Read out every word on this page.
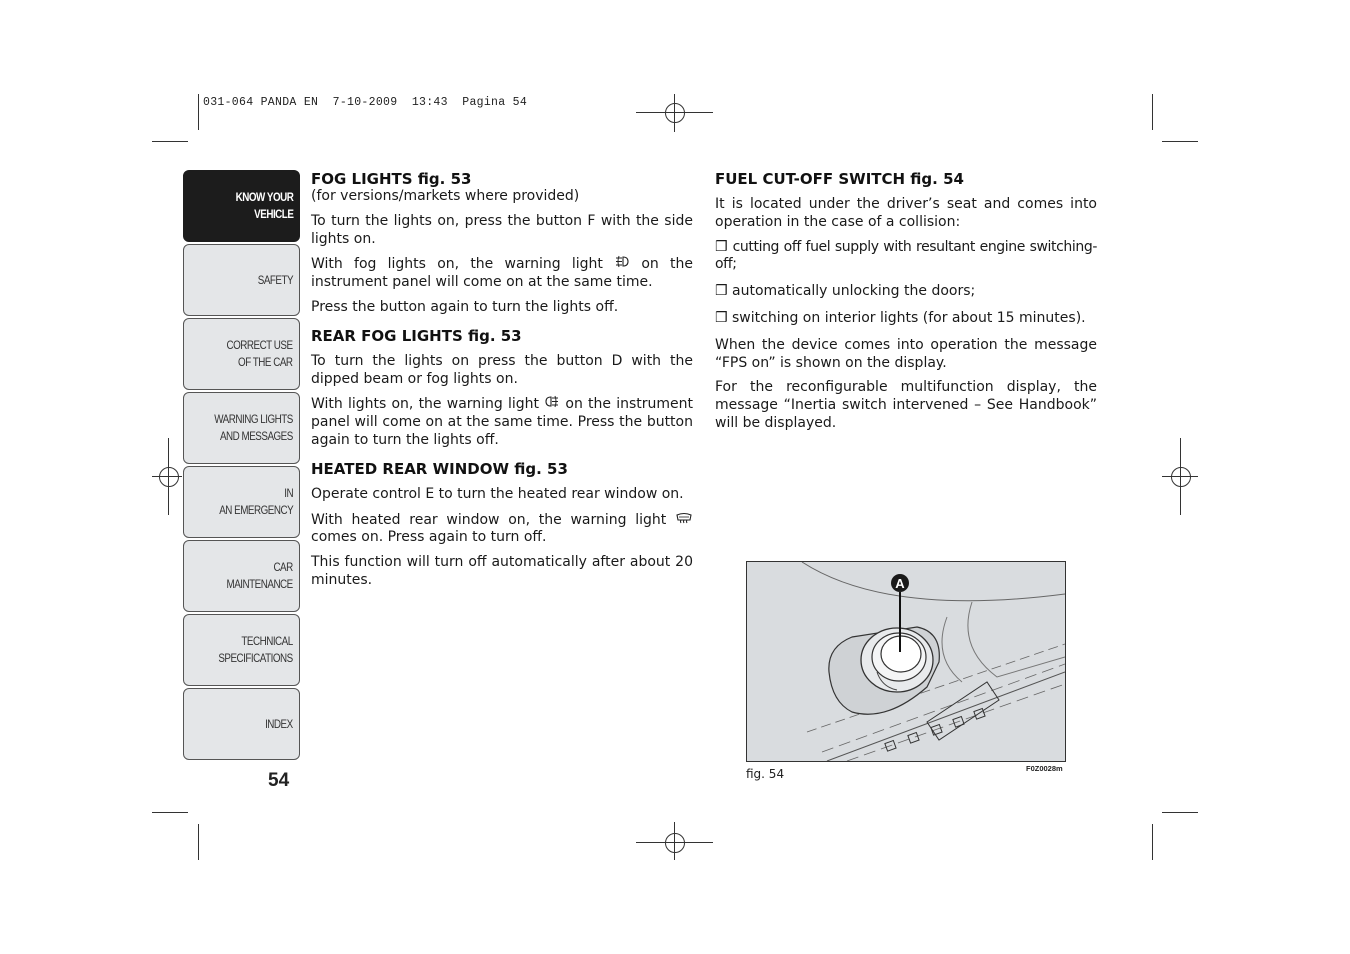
031-064 PANDA EN  7-10-2009  13:43  Pagina 54
KNOW YOUR
VEHICLE
SAFETY
CORRECT USE
OF THE CAR
WARNING LIGHTS
AND MESSAGES
IN
AN EMERGENCY
CAR
MAINTENANCE
TECHNICAL
SPECIFICATIONS
INDEX
54
FOG LIGHTS fig. 53

(for versions/markets where provided)

To turn the lights on, press the button F with the side lights on.

With fog lights on, the warning light  on the instrument panel will come on at the same time.

Press the button again to turn the lights off.

REAR FOG LIGHTS fig. 53

To turn the lights on press the button D with the dipped beam or fog lights on.

With lights on, the warning light  on the instrument panel will come on at the same time. Press the button again to turn the lights off.

HEATED REAR WINDOW fig. 53

Operate control E to turn the heated rear window on.

With heated rear window on, the warning light  comes on. Press again to turn off.

This function will turn off automatically after about 20 minutes.

FUEL CUT-OFF SWITCH fig. 54

It is located under the driver’s seat and comes into operation in the case of a collision:

❒ cutting off fuel supply with resultant engine switching-off;

❒ automatically unlocking the doors;

❒ switching on interior lights (for about 15 minutes).

When the device comes into operation the message “FPS on” is shown on the display.

For the reconfigurable multifunction display, the message “Inertia switch intervened – See Handbook” will be displayed.

A
fig. 54	F0Z0028m
